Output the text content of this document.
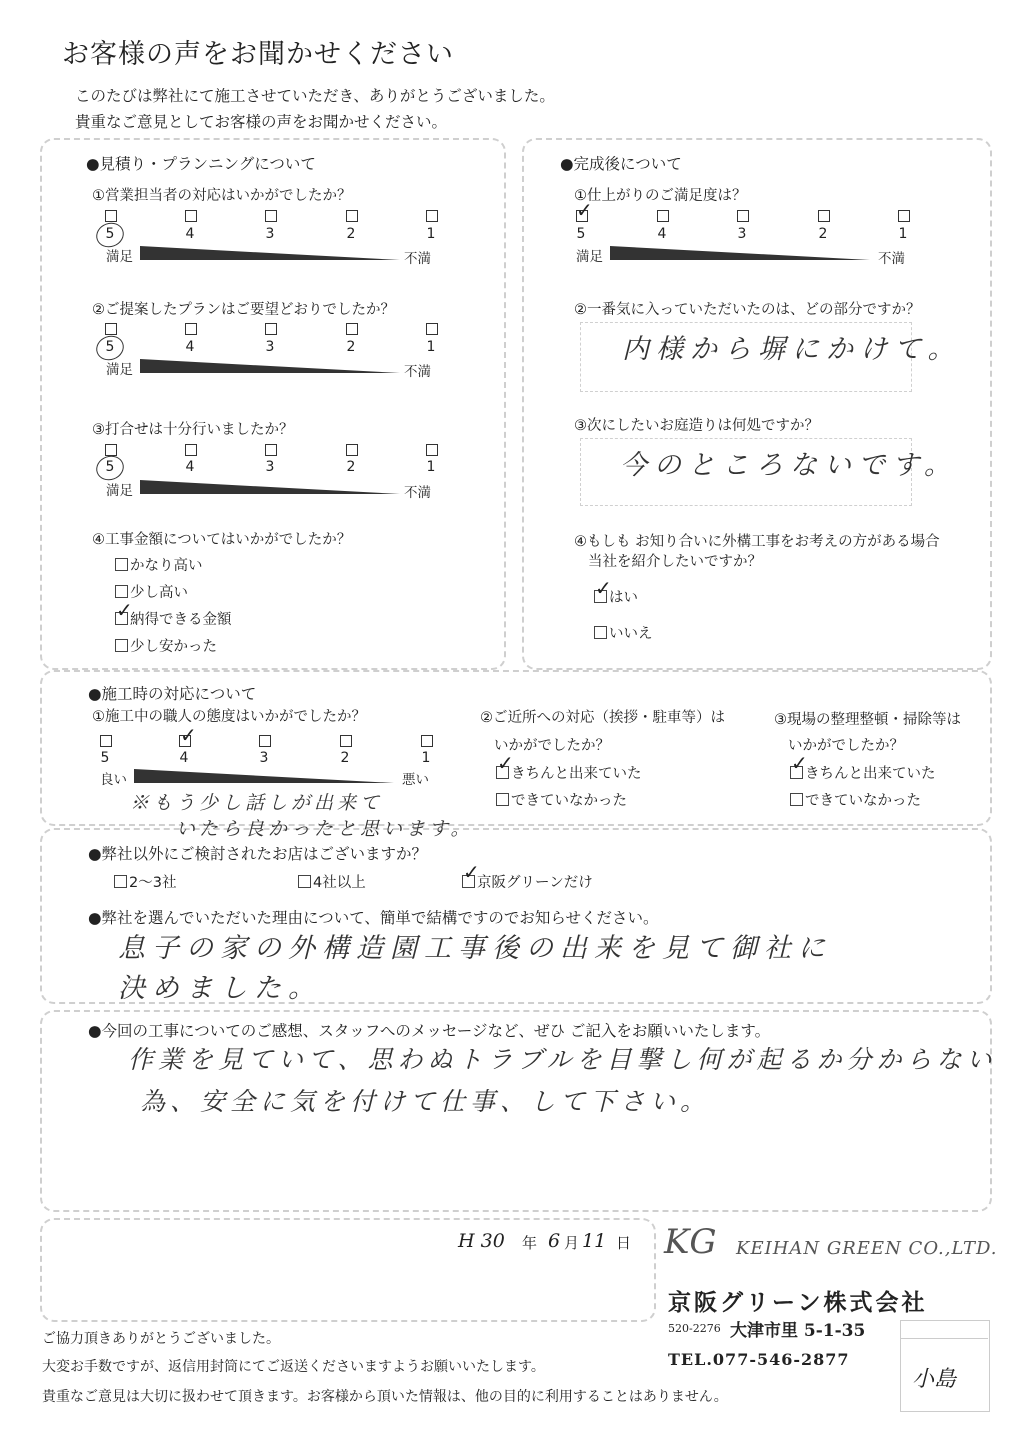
お客様の声をお聞かせください
このたびは弊社にて施工させていただき、ありがとうございました。
貴重なご意見としてお客様の声をお聞かせください。
●見積り・プランニングについて
①営業担当者の対応はいかがでしたか？
5	4	3	2	1
満足	不満
②ご提案したプランはご要望どおりでしたか？
5	4	3	2	1
満足	不満
③打合せは十分行いましたか？
5	4	3	2	1
満足	不満
④工事金額についてはいかがでしたか？
かなり高い
少し高い
納得できる金額
✓
少し安かった
●完成後について
①仕上がりのご満足度は？
✓
5	4	3	2	1
満足	不満
②一番気に入っていただいたのは、どの部分ですか？
内様から塀にかけて。
③次にしたいお庭造りは何処ですか？
今のところないです。
④もしも お知り合いに外構工事をお考えの方がある場合
当社を紹介したいですか？
はい
✓
いいえ
●施工時の対応について
①施工中の職人の態度はいかがでしたか？
✓
5	4	3	2	1
良い	悪い
※もう少し話しが出来て
いたら良かったと思います。
②ご近所への対応（挨拶・駐車等）は
いかがでしたか？
きちんと出来ていた
✓
できていなかった
③現場の整理整頓・掃除等は
いかがでしたか？
きちんと出来ていた
✓
できていなかった
●弊社以外にご検討されたお店はございますか？
2～3社	4社以上	京阪グリーンだけ
✓
●弊社を選んでいただいた理由について、簡単で結構ですのでお知らせください。
息子の家の外構造園工事後の出来を見て御社に
決めました。
●今回の工事についてのご感想、スタッフへのメッセージなど、ぜひ ご記入をお願いいたします。
作業を見ていて、思わぬトラブルを目撃し何が起るか分からない
為、安全に気を付けて仕事、して下さい。
H 30 年 6 月 11 日 KG KEIHAN GREEN CO.,LTD.
京阪グリーン株式会社
520-2276 大津市里 5-1-35
TEL.077-546-2877
小島
ご協力頂きありがとうございました。
大変お手数ですが、返信用封筒にてご返送くださいますようお願いいたします。
貴重なご意見は大切に扱わせて頂きます。お客様から頂いた情報は、他の目的に利用することはありません。
